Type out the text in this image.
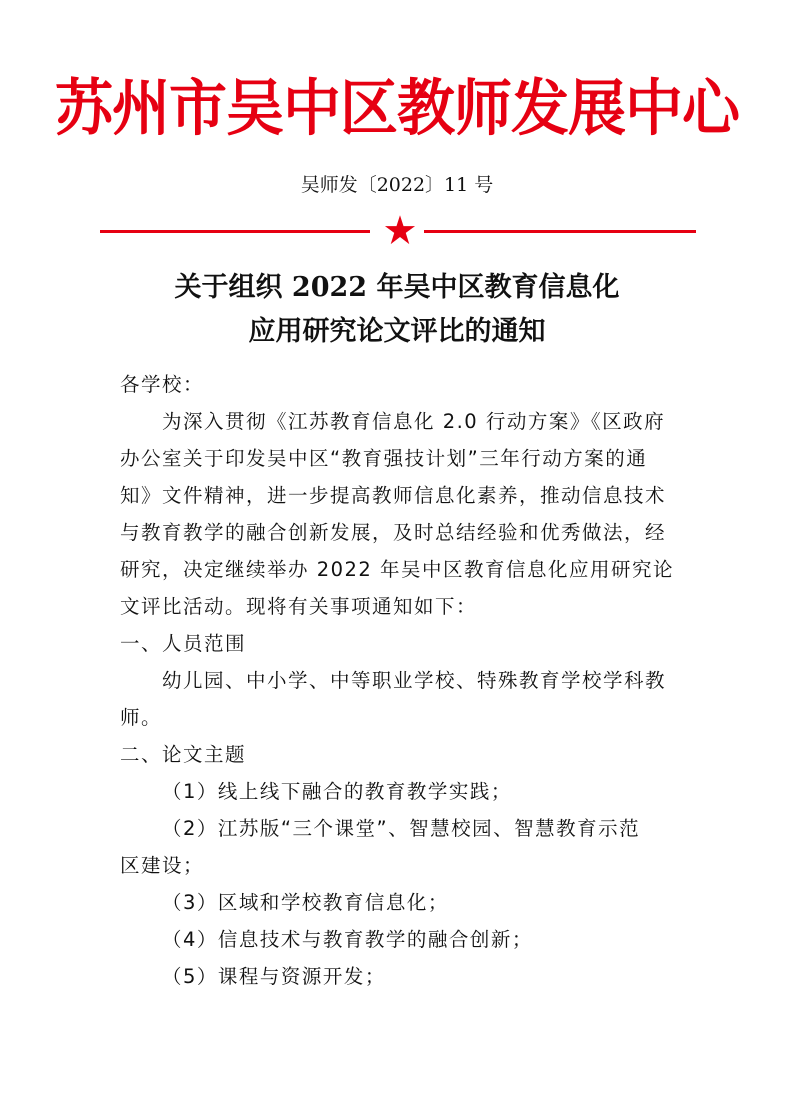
苏州市吴中区教师发展中心
吴师发〔2022〕11 号
关于组织 2022 年吴中区教育信息化
应用研究论文评比的通知
各学校：
为深入贯彻《江苏教育信息化 2.0 行动方案》《区政府
办公室关于印发吴中区“教育强技计划”三年行动方案的通
知》文件精神，进一步提高教师信息化素养，推动信息技术
与教育教学的融合创新发展，及时总结经验和优秀做法，经
研究，决定继续举办 2022 年吴中区教育信息化应用研究论
文评比活动。现将有关事项通知如下：
一、人员范围
幼儿园、中小学、中等职业学校、特殊教育学校学科教
师。
二、论文主题
（1）线上线下融合的教育教学实践；
（2）江苏版“三个课堂”、智慧校园、智慧教育示范
区建设；
（3）区域和学校教育信息化；
（4）信息技术与教育教学的融合创新；
（5）课程与资源开发；
